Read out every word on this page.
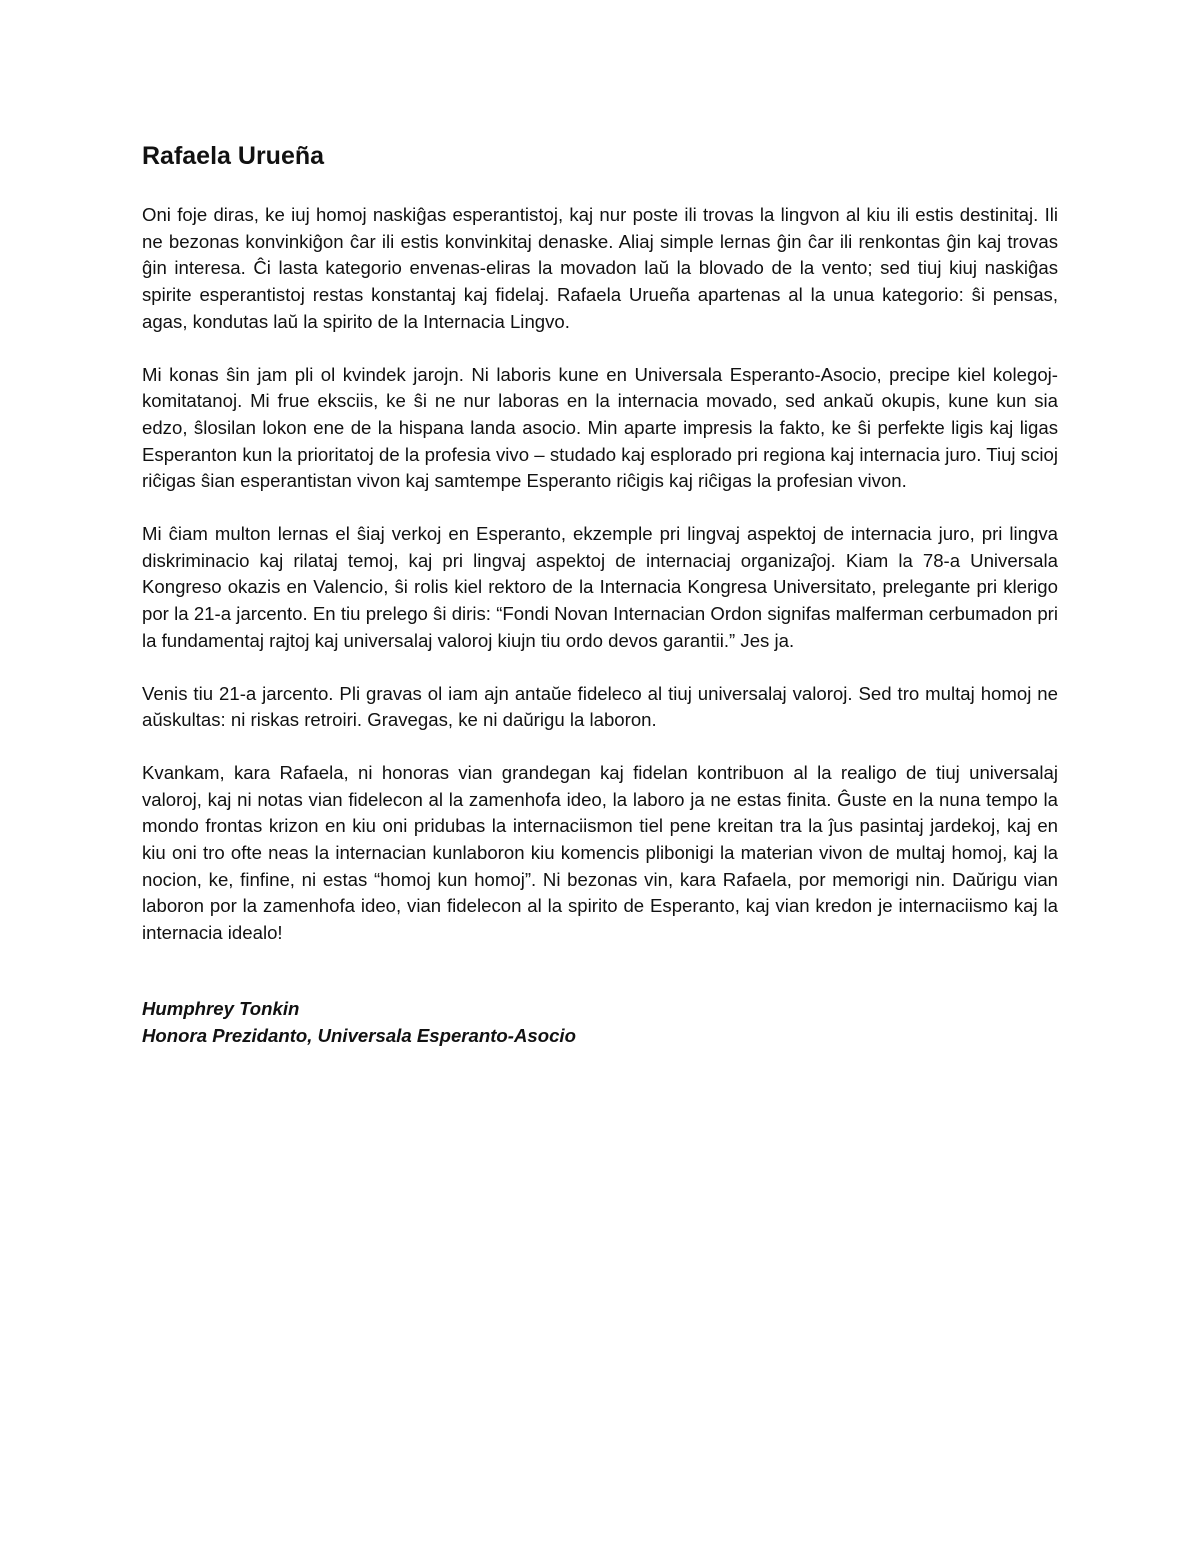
Rafaela Urueña

Oni foje diras, ke iuj homoj naskiĝas esperantistoj, kaj nur poste ili trovas la lingvon al kiu ili estis destinitaj. Ili ne bezonas konvinkiĝon ĉar ili estis konvinkitaj denaske. Aliaj simple lernas ĝin ĉar ili renkontas ĝin kaj trovas ĝin interesa. Ĉi lasta kategorio envenas-eliras la movadon laŭ la blovado de la vento; sed tiuj kiuj naskiĝas spirite esperantistoj restas konstantaj kaj fidelaj. Rafaela Urueña apartenas al la unua kategorio: ŝi pensas, agas, kondutas laŭ la spirito de la Internacia Lingvo.

Mi konas ŝin jam pli ol kvindek jarojn. Ni laboris kune en Universala Esperanto-Asocio, precipe kiel kolegoj-komitatanoj. Mi frue eksciis, ke ŝi ne nur laboras en la internacia movado, sed ankaŭ okupis, kune kun sia edzo, ŝlosilan lokon ene de la hispana landa asocio. Min aparte impresis la fakto, ke ŝi perfekte ligis kaj ligas Esperanton kun la prioritatoj de la profesia vivo – studado kaj esplorado pri regiona kaj internacia juro. Tiuj scioj riĉigas ŝian esperantistan vivon kaj samtempe Esperanto riĉigis kaj riĉigas la profesian vivon.

Mi ĉiam multon lernas el ŝiaj verkoj en Esperanto, ekzemple pri lingvaj aspektoj de internacia juro, pri lingva diskriminacio kaj rilataj temoj, kaj pri lingvaj aspektoj de internaciaj organizaĵoj. Kiam la 78-a Universala Kongreso okazis en Valencio, ŝi rolis kiel rektoro de la Internacia Kongresa Universitato, prelegante pri klerigo por la 21-a jarcento. En tiu prelego ŝi diris: “Fondi Novan Internacian Ordon signifas malferman cerbumadon pri la fundamentaj rajtoj kaj universalaj valoroj kiujn tiu ordo devos garantii.” Jes ja.

Venis tiu 21-a jarcento. Pli gravas ol iam ajn antaŭe fideleco al tiuj universalaj valoroj. Sed tro multaj homoj ne aŭskultas: ni riskas retroiri. Gravegas, ke ni daŭrigu la laboron.

Kvankam, kara Rafaela, ni honoras vian grandegan kaj fidelan kontribuon al la realigo de tiuj universalaj valoroj, kaj ni notas vian fidelecon al la zamenhofa ideo, la laboro ja ne estas finita. Ĝuste en la nuna tempo la mondo frontas krizon en kiu oni pridubas la internaciismon tiel pene kreitan tra la ĵus pasintaj jardekoj, kaj en kiu oni tro ofte neas la internacian kunlaboron kiu komencis plibonigi la materian vivon de multaj homoj, kaj la nocion, ke, finfine, ni estas “homoj kun homoj”. Ni bezonas vin, kara Rafaela, por memorigi nin. Daŭrigu vian laboron por la zamenhofa ideo, vian fidelecon al la spirito de Esperanto, kaj vian kredon je internaciismo kaj la internacia idealo!

Humphrey Tonkin
Honora Prezidanto, Universala Esperanto-Asocio
